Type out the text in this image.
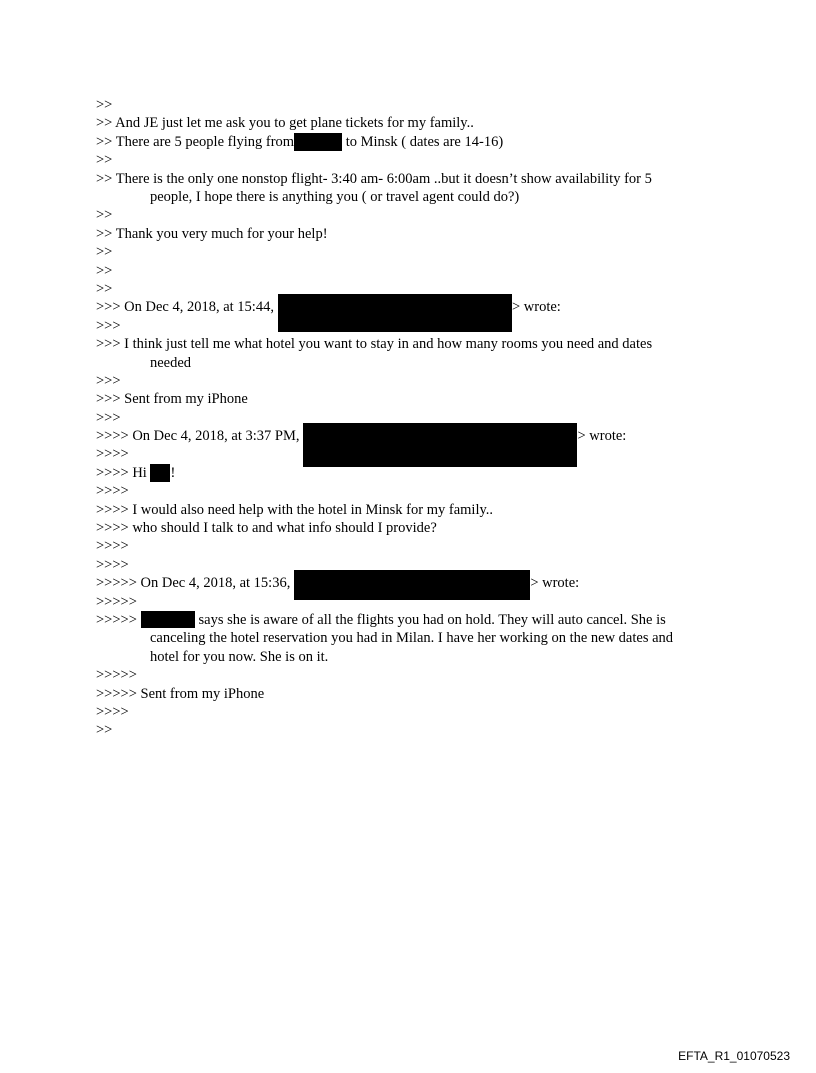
>>
>> And JE just let me ask you to get plane tickets for my family..
>> There are 5 people flying from	to Minsk ( dates are 14-16)
>>
>> There is the only one nonstop flight- 3:40 am- 6:00am ..but it doesn’t show availability for 5 people, I hope there is anything you ( or travel agent could do?)
>>
>> Thank you very much for your help!
>>
>>
>>
>>> On Dec 4, 2018, at 15:44,	> wrote:
>>>
>>> I think just tell me what hotel you want to stay in and how many rooms you need and dates needed
>>>
>>> Sent from my iPhone
>>>
>>>> On Dec 4, 2018, at 3:37 PM,	> wrote:
>>>>
>>>> Hi !
>>>>
>>>> I would also need help with the hotel in Minsk for my family..
>>>> who should I talk to and what info should I provide?
>>>>
>>>>
>>>>> On Dec 4, 2018, at 15:36,	> wrote:
>>>>>
>>>>>	says she is aware of all the flights you had on hold. They will auto cancel. She is canceling the hotel reservation you had in Milan. I have her working on the new dates and hotel for you now. She is on it.
>>>>>
>>>>> Sent from my iPhone
>>>>
>>
EFTA_R1_01070523
